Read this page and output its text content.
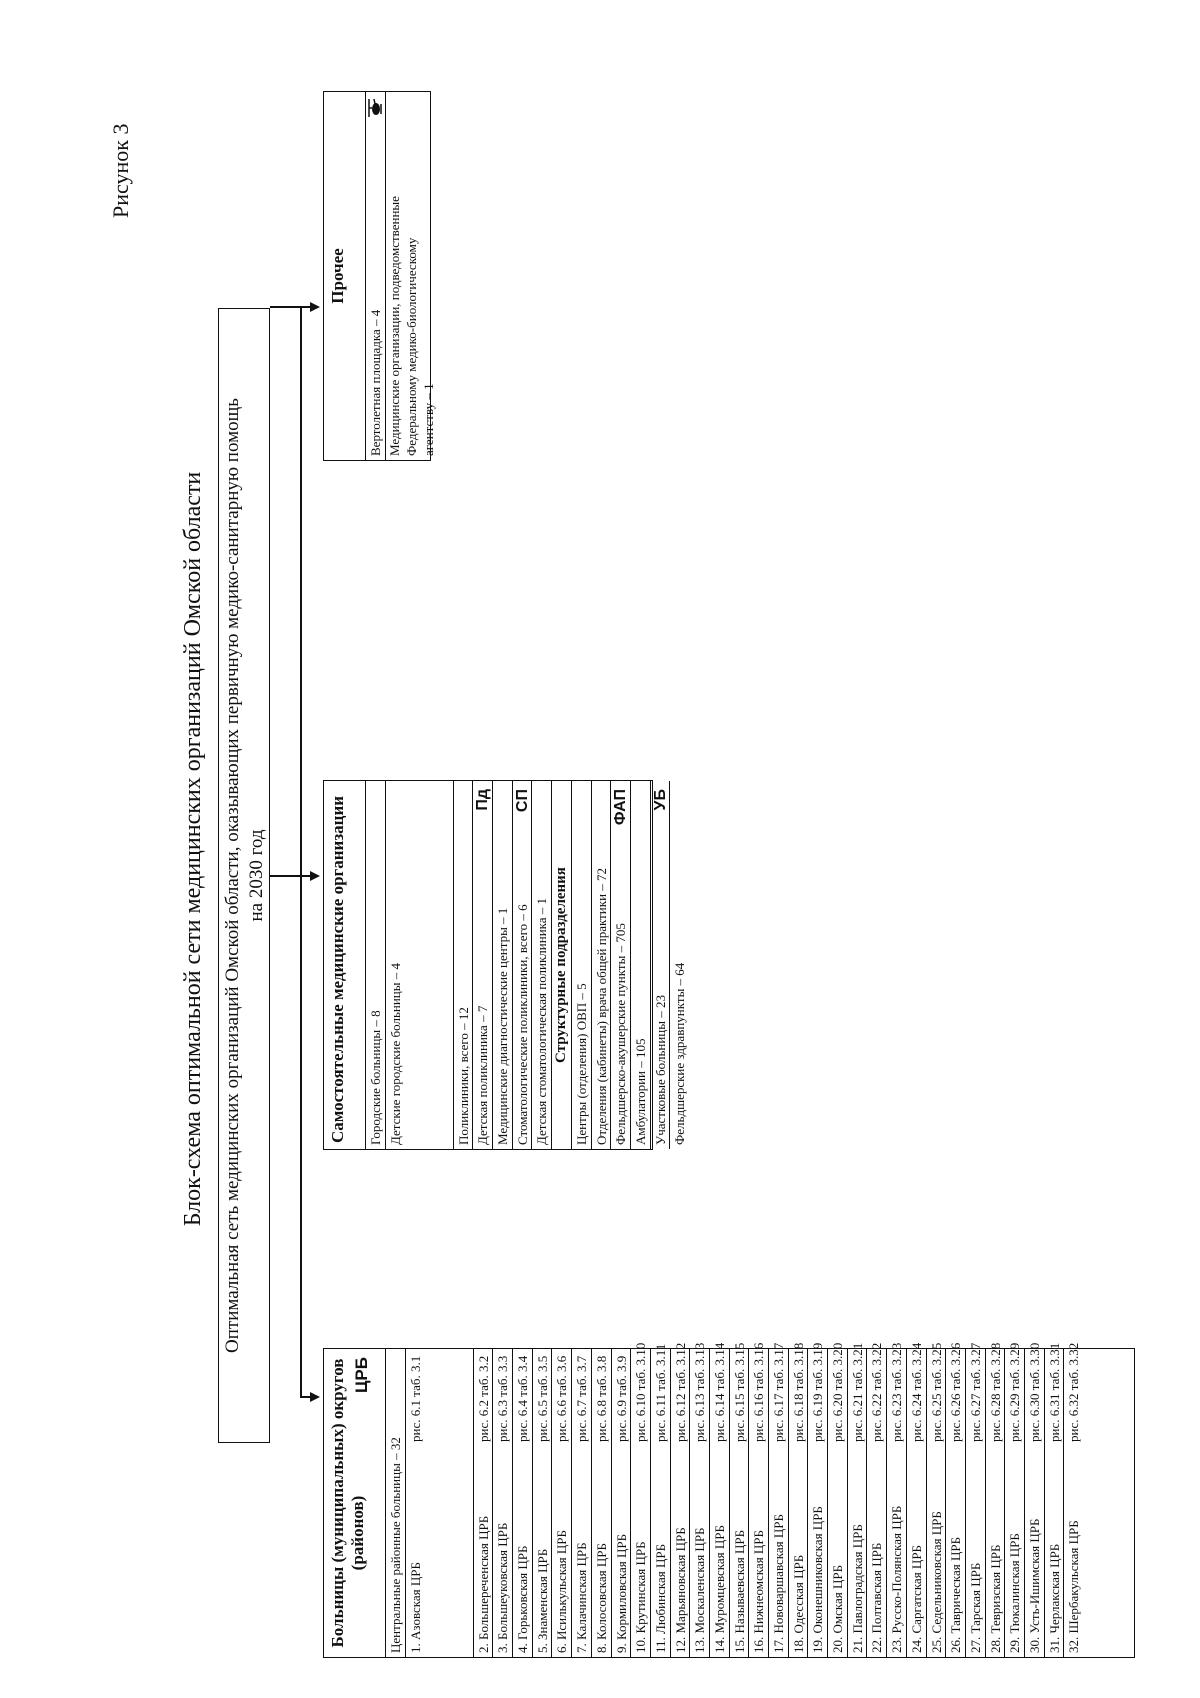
Рисунок 3
Блок-схема оптимальной сети медицинских организаций Омской области Оптимальная сеть медицинских организаций Омской области, оказывающих первичную медико-санитарную помощь на 2030 год
Больницы (муниципальных) округов (районов)
ЦРБ
Центральные районные больницы – 32 1. Азовская ЦРБ
рис. 6.1 таб. 3.1
2. Большереченская ЦРБ
рис. 6.2 таб. 3.2
3. Большеуковская ЦРБ
рис. 6.3 таб. 3.3
4. Горьковская ЦРБ
рис. 6.4 таб. 3.4
5. Знаменская ЦРБ
рис. 6.5 таб. 3.5
6. Исилькульская ЦРБ
рис. 6.6 таб. 3.6
7. Калачинская ЦРБ
рис. 6.7 таб. 3.7
8. Колосовская ЦРБ
рис. 6.8 таб. 3.8
9. Кормиловская ЦРБ
рис. 6.9 таб. 3.9
10. Крутинская ЦРБ
рис. 6.10 таб. 3.10
11. Любинская ЦРБ
рис. 6.11 таб. 3.11
12. Марьяновская ЦРБ
рис. 6.12 таб. 3.12
13. Москаленская ЦРБ
рис. 6.13 таб. 3.13
14. Муромцевская ЦРБ
рис. 6.14 таб. 3.14
15. Называевская ЦРБ
рис. 6.15 таб. 3.15
16. Нижнеомская ЦРБ
рис. 6.16 таб. 3.16
17. Нововаршавская ЦРБ
рис. 6.17 таб. 3.17
18. Одесская ЦРБ
рис. 6.18 таб. 3.18
19. Оконешниковская ЦРБ
рис. 6.19 таб. 3.19
20. Омская ЦРБ
рис. 6.20 таб. 3.20
21. Павлоградская ЦРБ
рис. 6.21 таб. 3.21
22. Полтавская ЦРБ
рис. 6.22 таб. 3.22
23. Русско-Полянская ЦРБ
рис. 6.23 таб. 3.23
24. Саргатская ЦРБ
рис. 6.24 таб. 3.24
25. Седельниковская ЦРБ
рис. 6.25 таб. 3.25
26. Таврическая ЦРБ
рис. 6.26 таб. 3.26
27. Тарская ЦРБ
рис. 6.27 таб. 3.27
28. Тевризская ЦРБ
рис. 6.28 таб. 3.28
29. Тюкалинская ЦРБ
рис. 6.29 таб. 3.29
30. Усть-Ишимская ЦРБ
рис. 6.30 таб. 3.30
31. Черлакская ЦРБ
рис. 6.31 таб. 3.31
32. Шербакульская ЦРБ
рис. 6.32 таб. 3.32
Самостоятельные медицинские организации	Городские больницы – 8 Детские городские больницы – 4	Поликлиники, всего – 12 Детская поликлиника – 7
Пд
Медицинские диагностические центры – 1 Стоматологические поликлиники, всего – 6
СП
Детская стоматологическая поликлиника – 1 Структурные подразделения
Центры (отделения) ОВП – 5 Отделения (кабинеты) врача общей практики – 72 Фельдшерско-акушерские пункты – 705
ФАП
Амбулатории – 105 Участковые больницы – 23
УБ
Фельдшерские здравпункты – 64
Прочее
Вертолетная площадка – 4 Медицинские организации, подведомственные Федеральному медико-биологическому агентству – 1
